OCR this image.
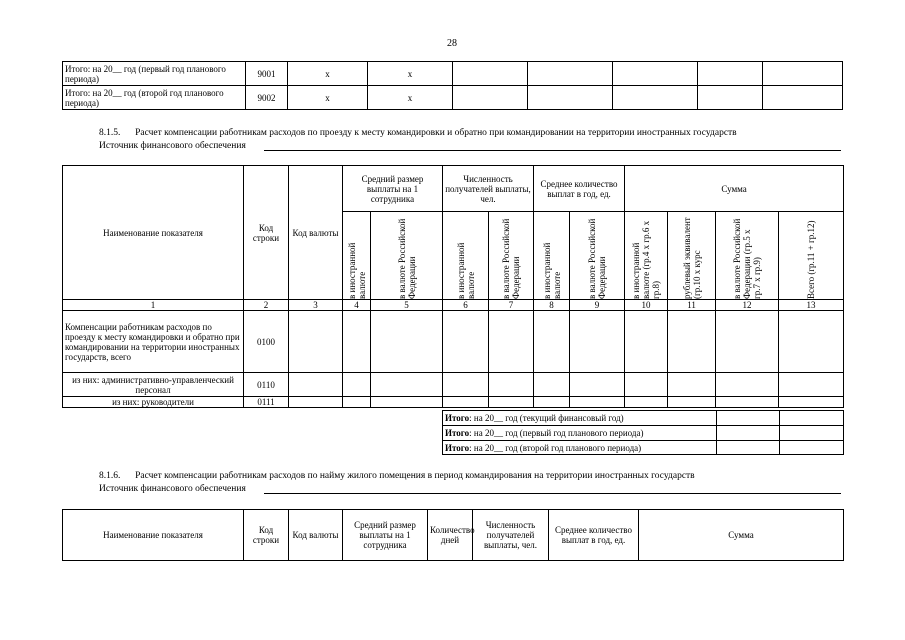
28
Итого: на 20__ год (первый год планового периода)	9001	x	x					
Итого: на 20__ год (второй год планового периода)	9002	x	x					
8.1.5. Расчет компенсации работникам расходов по проезду к месту командировки и обратно при командировании на территории иностранных государств
Источник финансового обеспечения
Наименование показателя	Код строки	Код валюты	Средний размер выплаты на 1 сотрудника		Численность получателей выплаты, чел.		Среднее количество выплат в год, ед.		Сумма			

			в иностранной валюте	в валюте Российской Федерации	в иностранной валюте	в валюте Российской Федерации	в иностранной валюте	в валюте Российской Федерации	в иностранной валюте (гр.4 x гр.6 x гр.8)	рублевый эквивалент (гр.10 x курс	в валюте Российской Федерации (гр.5 x гр.7 x гр.9)	Всего (гр.11 + гр.12)

1	2	3	4	5	6	7	8	9	10	11	12	13
Компенсации работникам расходов по проезду к месту командировки и обратно при командировании на территории иностранных государств, всего	0100											
из них: административно-управленческий персонал	0110											
из них: руководители	0111											
Итого: на 20__ год (текущий финансовый год)		
Итого: на 20__ год (первый год планового периода)		
Итого: на 20__ год (второй год планового периода)		
8.1.6. Расчет компенсации работникам расходов по найму жилого помещения в период командирования на территории иностранных государств
Источник финансового обеспечения
Наименование показателя	Код строки	Код валюты	Средний размер выплаты на 1 сотрудника	Количество дней	Численность получателей выплаты, чел.	Среднее количество выплат в год, ед.	Сумма
